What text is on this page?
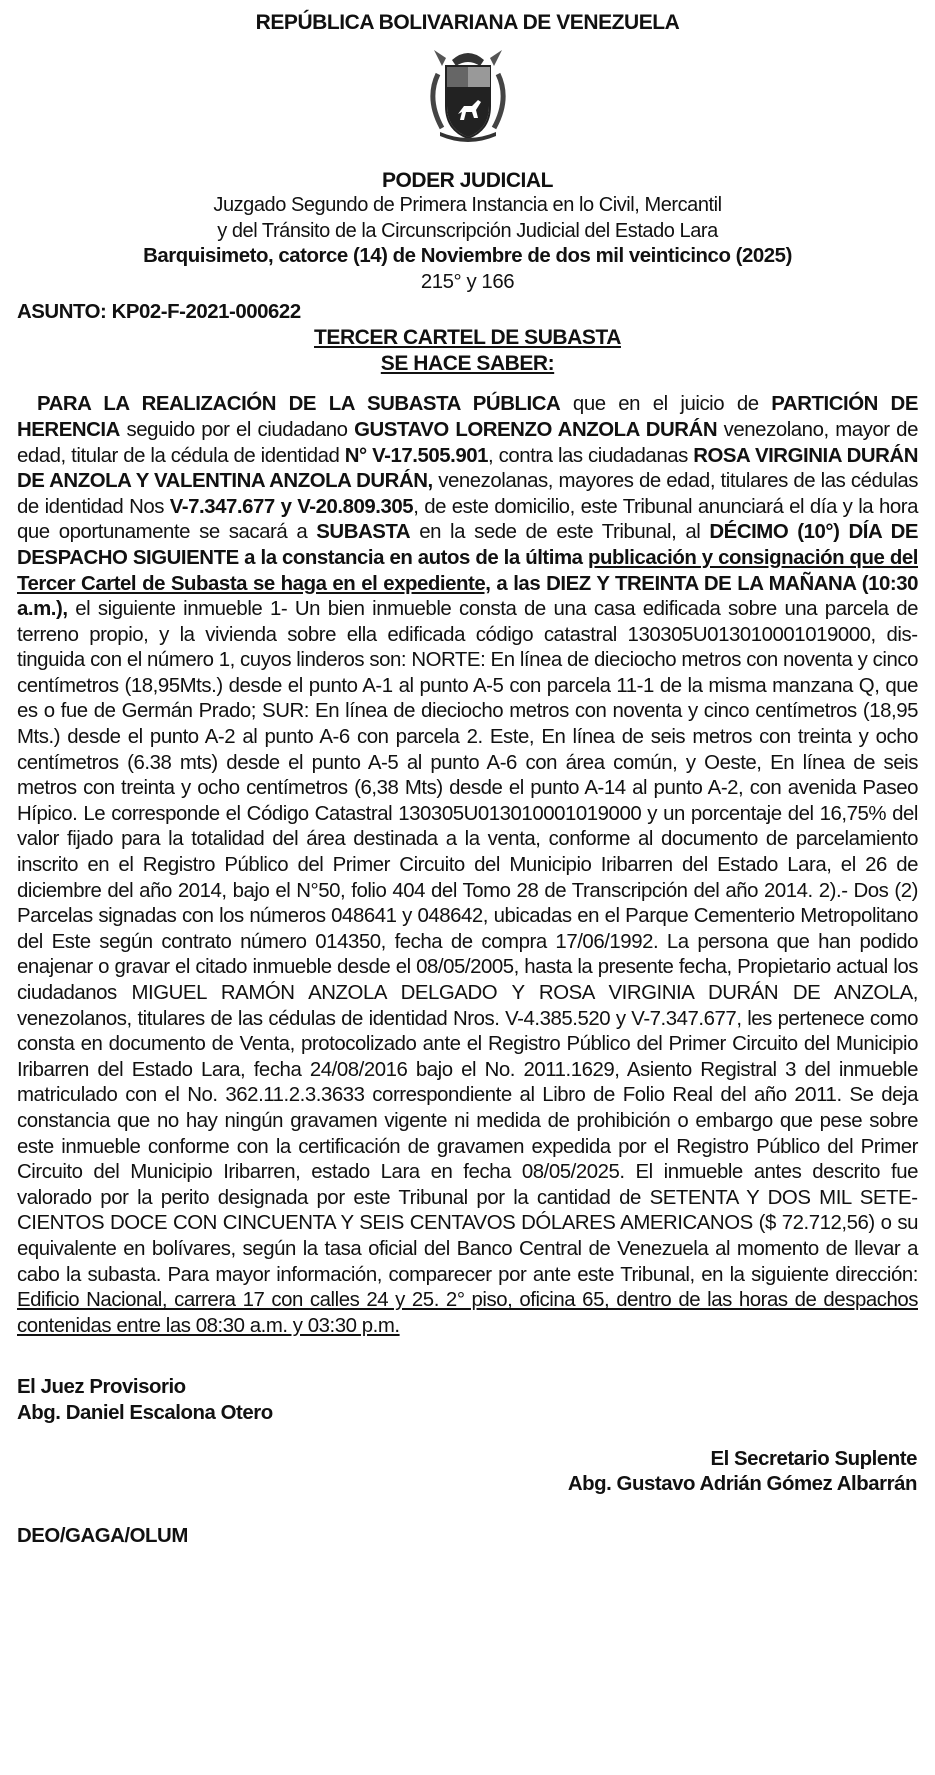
REPÚBLICA BOLIVARIANA DE VENEZUELA
PODER JUDICIAL
Juzgado Segundo de Primera Instancia en lo Civil, Mercantil
y del Tránsito de la Circunscripción Judicial del Estado Lara
Barquisimeto, catorce (14) de Noviembre de dos mil veinticinco (2025)
215° y 166
ASUNTO: KP02-F-2021-000622
TERCER CARTEL DE SUBASTA
SE HACE SABER:
PARA LA REALIZACIÓN DE LA SUBASTA PÚBLICA que en el juicio de PARTICIÓN DE HERENCIA seguido por el ciudadano GUSTAVO LORENZO ANZOLA DURÁN venezolano, mayor de edad, titular de la cédula de identidad N° V-17.505.901, contra las ciudadanas ROSA VIRGINIA DURÁN DE ANZOLA Y VALENTINA ANZOLA DURÁN, venezolanas, mayores de edad, titulares de las cédulas de identidad Nos V-7.347.677 y V-20.809.305, de este domicilio, este Tribunal anunciará el día y la hora que oportunamente se sacará a SUBASTA en la sede de este Tribunal, al DÉCIMO (10°) DÍA DE DESPACHO SIGUIENTE a la constancia en autos de la última publicación y consignación que del Tercer Cartel de Subasta se haga en el expediente, a las DIEZ Y TREINTA DE LA MAÑANA (10:30 a.m.), el siguiente inmueble 1- Un bien inmueble consta de una casa edificada sobre una parcela de terreno propio, y la vivienda sobre ella edificada código catastral 130305U013010001019000, distinguida con el número 1, cuyos linderos son: NORTE: En línea de dieciocho metros con noventa y cinco centímetros (18,95Mts.) desde el punto A-1 al punto A-5 con parcela 11-1 de la misma manzana Q, que es o fue de Germán Prado; SUR: En línea de dieciocho metros con noventa y cinco centímetros (18,95 Mts.) desde el punto A-2 al punto A-6 con parcela 2. Este, En línea de seis metros con treinta y ocho centímetros (6.38 mts) desde el punto A-5 al punto A-6 con área común, y Oeste, En línea de seis metros con treinta y ocho centímetros (6,38 Mts) desde el punto A-14 al punto A-2, con avenida Paseo Hípico. Le corresponde el Código Catastral 130305U013010001019000 y un porcentaje del 16,75% del valor fijado para la totalidad del área destinada a la venta, conforme al documento de parcelamiento inscrito en el Registro Público del Primer Circuito del Municipio Iribarren del Estado Lara, el 26 de diciembre del año 2014, bajo el N°50, folio 404 del Tomo 28 de Transcripción del año 2014. 2).- Dos (2) Parcelas signadas con los números 048641 y 048642, ubicadas en el Parque Cementerio Metropolitano del Este según contrato número 014350, fecha de compra 17/06/1992. La persona que han podido enajenar o gravar el citado inmueble desde el 08/05/2005, hasta la presente fecha, Propietario actual los ciudadanos MIGUEL RAMÓN ANZOLA DELGADO Y ROSA VIRGINIA DURÁN DE ANZOLA, venezolanos, titulares de las cédulas de identidad Nros. V-4.385.520 y V-7.347.677, les pertenece como consta en documento de Venta, protocolizado ante el Registro Público del Primer Circuito del Municipio Iribarren del Estado Lara, fecha 24/08/2016 bajo el No. 2011.1629, Asiento Registral 3 del inmueble matriculado con el No. 362.11.2.3.3633 correspondiente al Libro de Folio Real del año 2011. Se deja constancia que no hay ningún gravamen vigente ni medida de prohibición o embargo que pese sobre este inmueble conforme con la certificación de gravamen expedida por el Registro Público del Primer Circuito del Municipio Iribarren, estado Lara en fecha 08/05/2025. El inmueble antes descrito fue valorado por la perito designada por este Tribunal por la cantidad de SETENTA Y DOS MIL SETECIENTOS DOCE CON CINCUENTA Y SEIS CENTAVOS DÓLARES AMERICANOS ($ 72.712,56) o su equivalente en bolívares, según la tasa oficial del Banco Central de Venezuela al momento de llevar a cabo la subasta. Para mayor información, comparecer por ante este Tribunal, en la siguiente dirección: Edificio Nacional, carrera 17 con calles 24 y 25. 2° piso, oficina 65, dentro de las horas de despachos contenidas entre las 08:30 a.m. y 03:30 p.m.
El Juez Provisorio
Abg. Daniel Escalona Otero
El Secretario Suplente
Abg. Gustavo Adrián Gómez Albarrán
DEO/GAGA/OLUM
